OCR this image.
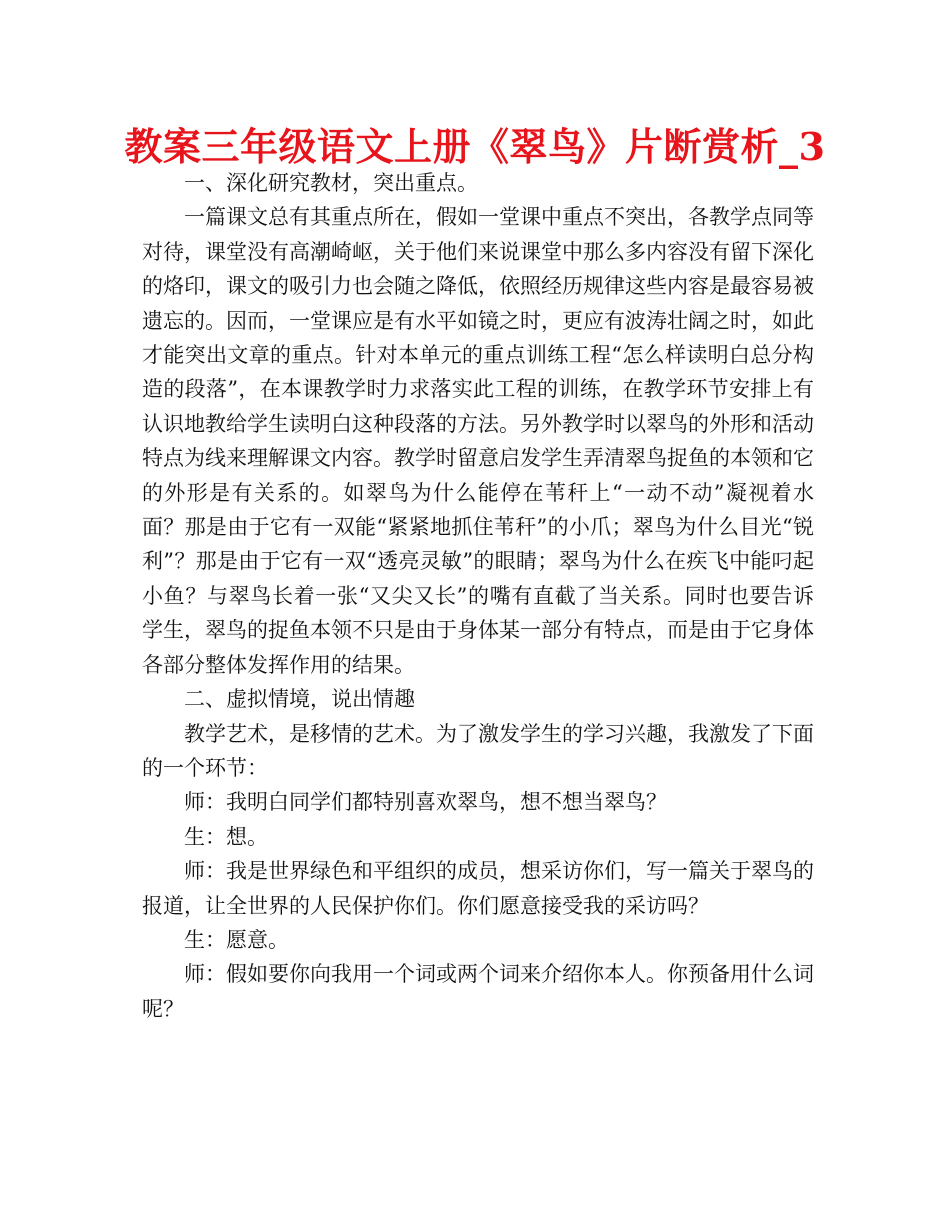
教案三年级语文上册《翠鸟》片断赏析_3

一、深化研究教材，突出重点。

一篇课文总有其重点所在，假如一堂课中重点不突出，各教学点同等对待，课堂没有高潮崎岖，关于他们来说课堂中那么多内容没有留下深化的烙印，课文的吸引力也会随之降低，依照经历规律这些内容是最容易被遗忘的。因而，一堂课应是有水平如镜之时，更应有波涛壮阔之时，如此才能突出文章的重点。针对本单元的重点训练工程“怎么样读明白总分构造的段落”，在本课教学时力求落实此工程的训练，在教学环节安排上有认识地教给学生读明白这种段落的方法。另外教学时以翠鸟的外形和活动特点为线来理解课文内容。教学时留意启发学生弄清翠鸟捉鱼的本领和它的外形是有关系的。如翠鸟为什么能停在苇秆上“一动不动”凝视着水面？那是由于它有一双能“紧紧地抓住苇秆”的小爪；翠鸟为什么目光“锐利”？那是由于它有一双“透亮灵敏”的眼睛；翠鸟为什么在疾飞中能叼起小鱼？与翠鸟长着一张“又尖又长”的嘴有直截了当关系。同时也要告诉学生，翠鸟的捉鱼本领不只是由于身体某一部分有特点，而是由于它身体各部分整体发挥作用的结果。

二、虚拟情境，说出情趣

教学艺术，是移情的艺术。为了激发学生的学习兴趣，我激发了下面的一个环节：

师：我明白同学们都特别喜欢翠鸟，想不想当翠鸟？

生：想。

师：我是世界绿色和平组织的成员，想采访你们，写一篇关于翠鸟的报道，让全世界的人民保护你们。你们愿意接受我的采访吗？

生：愿意。

师：假如要你向我用一个词或两个词来介绍你本人。你预备用什么词呢？
